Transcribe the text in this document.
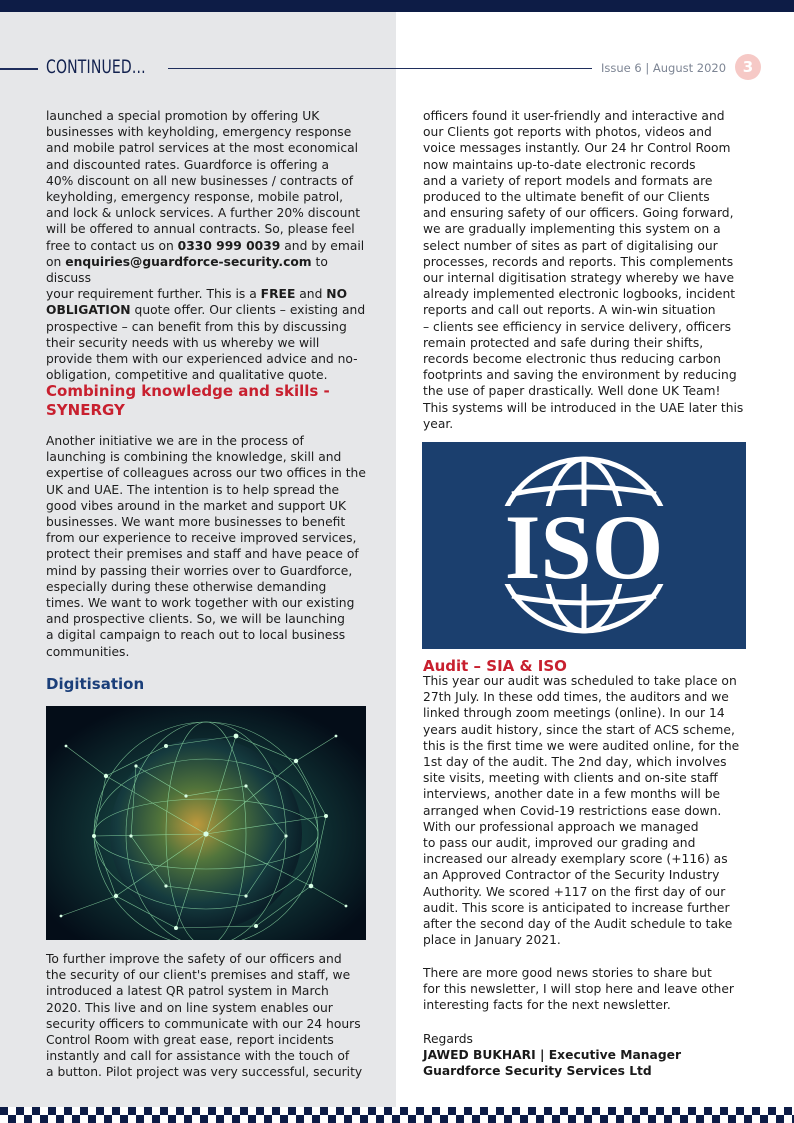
CONTINUED...	Issue 6 | August 2020	3
launched a special promotion by offering UK
businesses with keyholding, emergency response
and mobile patrol services at the most economical
and discounted rates. Guardforce is offering a
40% discount on all new businesses / contracts of
keyholding, emergency response, mobile patrol,
and lock & unlock services. A further 20% discount
will be offered to annual contracts. So, please feel
free to contact us on 0330 999 0039 and by email
on enquiries@guardforce-security.com to discuss
your requirement further. This is a FREE and NO
OBLIGATION quote offer. Our clients – existing and
prospective – can benefit from this by discussing
their security needs with us whereby we will
provide them with our experienced advice and no-
obligation, competitive and qualitative quote.
Combining knowledge and skills -
SYNERGY
Another initiative we are in the process of
launching is combining the knowledge, skill and
expertise of colleagues across our two offices in the
UK and UAE. The intention is to help spread the
good vibes around in the market and support UK
businesses. We want more businesses to benefit
from our experience to receive improved services,
protect their premises and staff and have peace of
mind by passing their worries over to Guardforce,
especially during these otherwise demanding
times. We want to work together with our existing
and prospective clients. So, we will be launching
a digital campaign to reach out to local business
communities.
Digitisation
To further improve the safety of our officers and
the security of our client's premises and staff, we
introduced a latest QR patrol system in March
2020. This live and on line system enables our
security officers to communicate with our 24 hours
Control Room with great ease, report incidents
instantly and call for assistance with the touch of
a button. Pilot project was very successful, security
officers found it user-friendly and interactive and
our Clients got reports with photos, videos and
voice messages instantly. Our 24 hr Control Room
now maintains up-to-date electronic records
and a variety of report models and formats are
produced to the ultimate benefit of our Clients
and ensuring safety of our officers. Going forward,
we are gradually implementing this system on a
select number of sites as part of digitalising our
processes, records and reports. This complements
our internal digitisation strategy whereby we have
already implemented electronic logbooks, incident
reports and call out reports. A win-win situation
– clients see efficiency in service delivery, officers
remain protected and safe during their shifts,
records become electronic thus reducing carbon
footprints and saving the environment by reducing
the use of paper drastically. Well done UK Team!
This systems will be introduced in the UAE later this
year.
ISO
Audit – SIA & ISO
This year our audit was scheduled to take place on
27th July. In these odd times, the auditors and we
linked through zoom meetings (online). In our 14
years audit history, since the start of ACS scheme,
this is the first time we were audited online, for the
1st day of the audit. The 2nd day, which involves
site visits, meeting with clients and on-site staff
interviews, another date in a few months will be
arranged when Covid-19 restrictions ease down.
With our professional approach we managed
to pass our audit, improved our grading and
increased our already exemplary score (+116) as
an Approved Contractor of the Security Industry
Authority. We scored +117 on the first day of our
audit. This score is anticipated to increase further
after the second day of the Audit schedule to take
place in January 2021.
There are more good news stories to share but
for this newsletter, I will stop here and leave other
interesting facts for the next newsletter.
Regards
JAWED BUKHARI | Executive Manager
Guardforce Security Services Ltd
